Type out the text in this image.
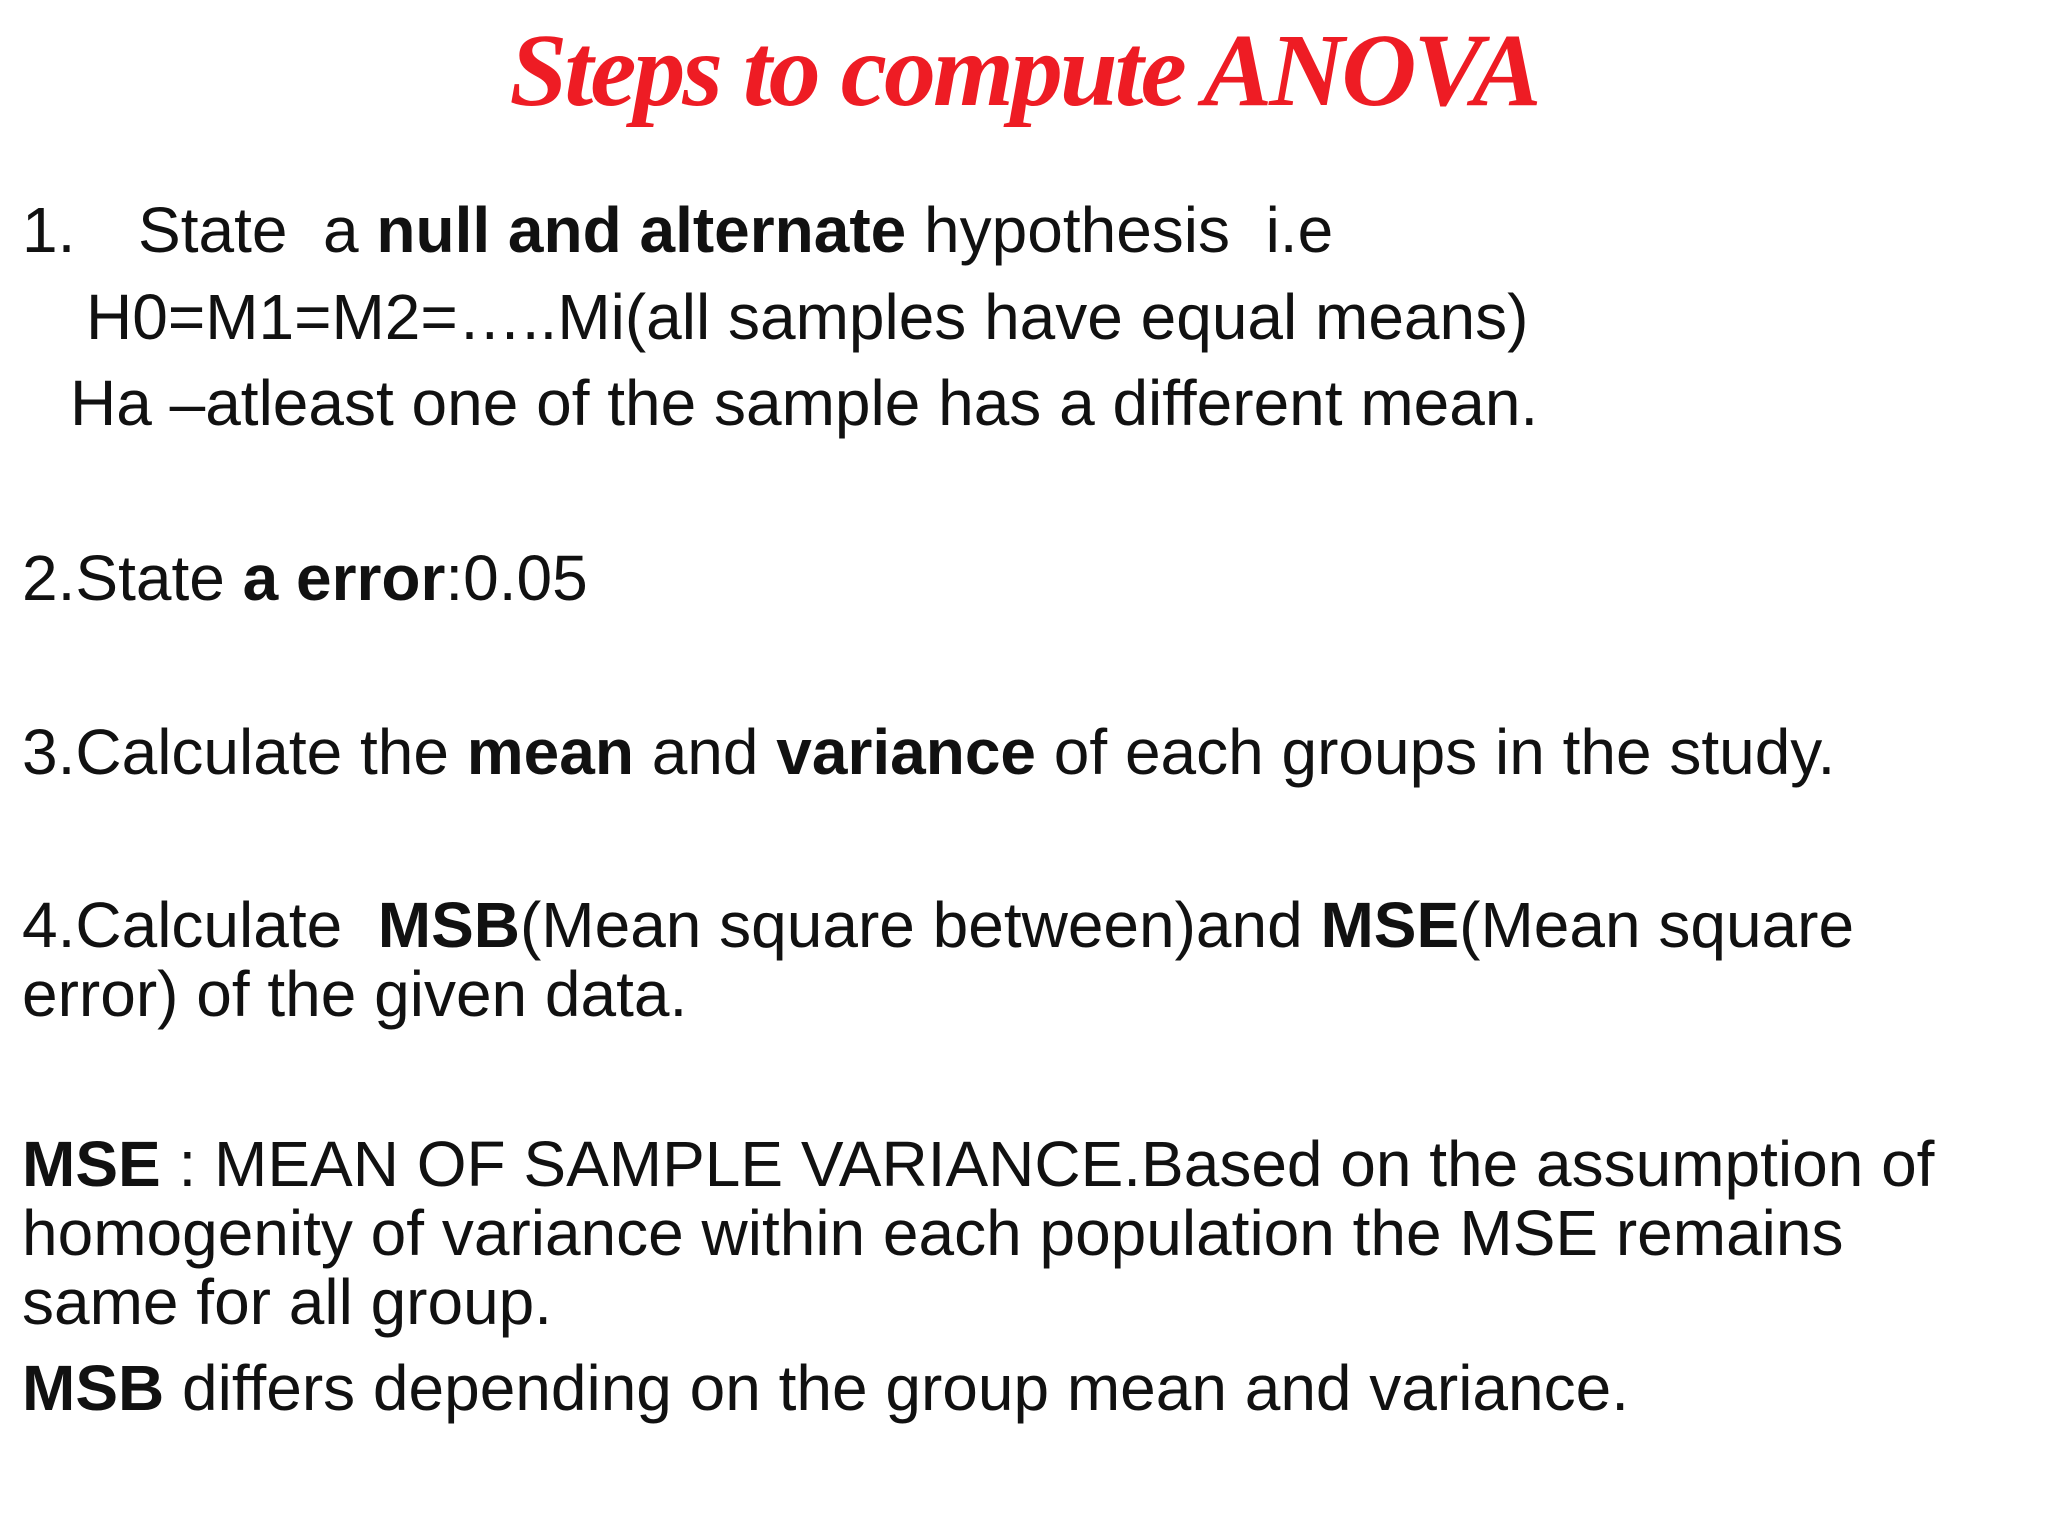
Steps to compute ANOVA
1. State  a null and alternate hypothesis  i.e
H0=M1=M2=…..Mi(all samples have equal means)
Ha –atleast one of the sample has a different mean.
2.State a error:0.05
3.Calculate the mean and variance of each groups in the study.
4.Calculate  MSB(Mean square between)and MSE(Mean square
error) of the given data.
MSE : MEAN OF SAMPLE VARIANCE.Based on the assumption of
homogenity of variance within each population the MSE remains
same for all group.
MSB differs depending on the group mean and variance.
